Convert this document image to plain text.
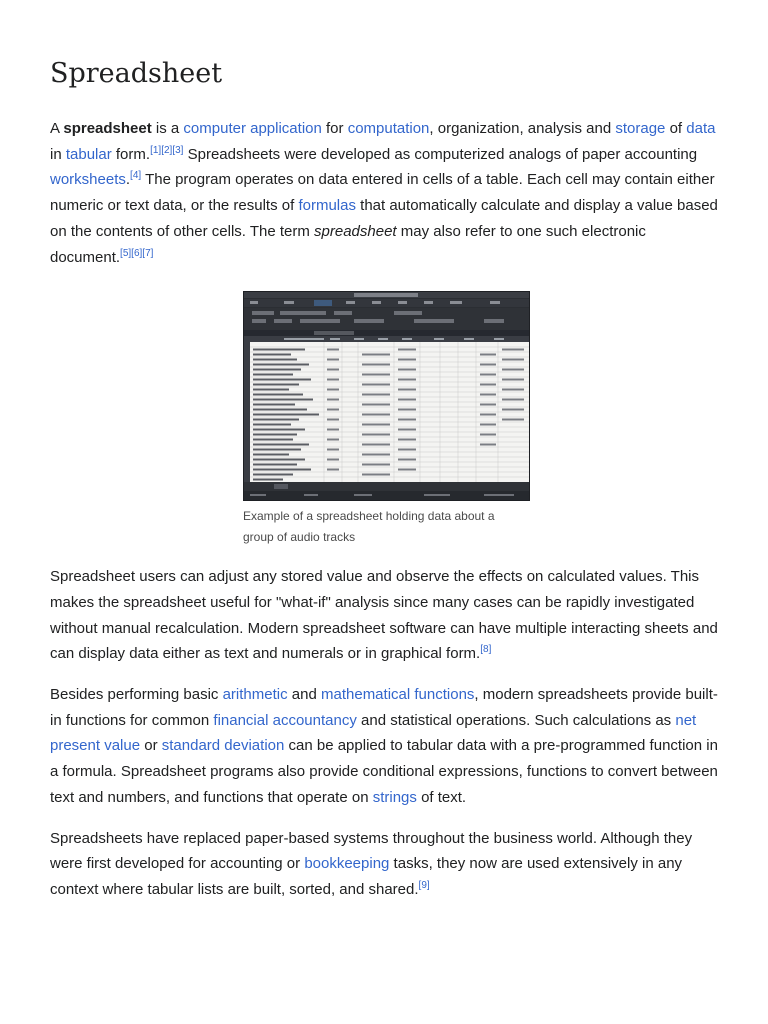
Spreadsheet

A spreadsheet is a computer application for computation, organization, analysis and storage of data in tabular form.[1][2][3] Spreadsheets were developed as computerized analogs of paper accounting worksheets.[4] The program operates on data entered in cells of a table. Each cell may contain either numeric or text data, or the results of formulas that automatically calculate and display a value based on the contents of other cells. The term spreadsheet may also refer to one such electronic document.[5][6][7]

Example of a spreadsheet holding data about a group of audio tracks

Spreadsheet users can adjust any stored value and observe the effects on calculated values. This makes the spreadsheet useful for "what-if" analysis since many cases can be rapidly investigated without manual recalculation. Modern spreadsheet software can have multiple interacting sheets and can display data either as text and numerals or in graphical form.[8]

Besides performing basic arithmetic and mathematical functions, modern spreadsheets provide built-in functions for common financial accountancy and statistical operations. Such calculations as net present value or standard deviation can be applied to tabular data with a pre-programmed function in a formula. Spreadsheet programs also provide conditional expressions, functions to convert between text and numbers, and functions that operate on strings of text.

Spreadsheets have replaced paper-based systems throughout the business world. Although they were first developed for accounting or bookkeeping tasks, they now are used extensively in any context where tabular lists are built, sorted, and shared.[9]
